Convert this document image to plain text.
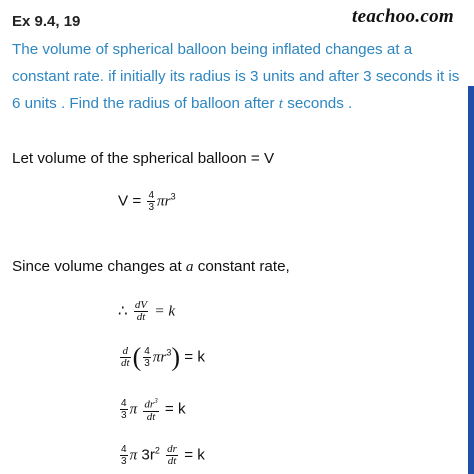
Ex 9.4, 19	teachoo.com
The volume of spherical balloon being inflated changes at a constant rate. if initially its radius is 3 units and after 3 seconds it is 6 units . Find the radius of balloon after t seconds .
Let volume of the spherical balloon = V
$V = \frac{4}{3} \pi r^3$
Since volume changes at a constant rate,
∴ $\frac{dV}{dt} = k$
$\frac{d}{dt}$ ( $\frac{4}{3} \pi r^3) = k$
$\frac{4}{3}$ π $\frac{dr^3}{dt} = k$
$\frac{4}{3}$ π $3r^2 \frac{dr}{dt} = k$
